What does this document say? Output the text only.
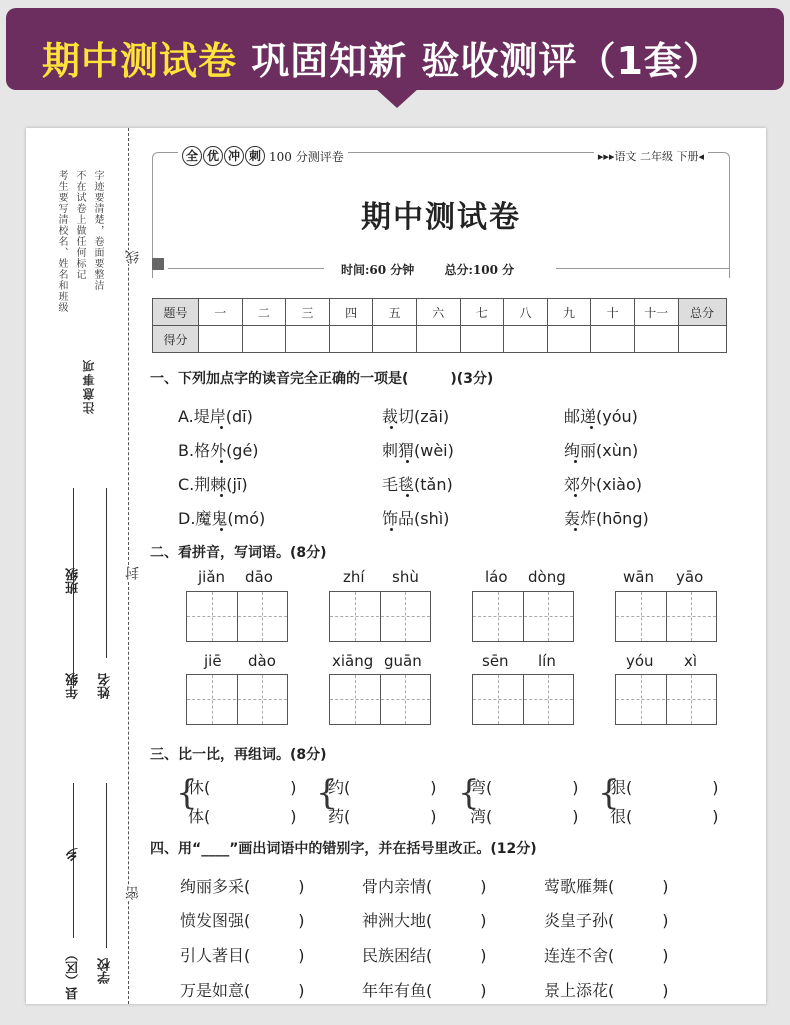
期中测试卷 巩固知新 验收测评（1套）
考生要写清校名、姓名和班级 不在试卷上做任何标记 字迹要清楚，卷面要整洁
注意事项
线
封
密
县（区）
乡
年级
班级
学校
姓名
全 优 冲 刺 100 分测评卷	▸▸▸语文 二年级 下册◂
期中测试卷
时间:60 分钟	总分:100 分
题号	一	二	三	四	五	六	七	八	九	十	十一	总分
得分												
一、下列加点字的读音完全正确的一项是(　　　)(3分)
A.堤岸(dī)	裁切(zāi)	邮递(yóu)
B.格外(gé)	刺猬(wèi)	绚丽(xùn)
C.荆棘(jī)	毛毯(tǎn)	郊外(xiào)
D.魔鬼(mó)	饰品(shì)	轰炸(hōng)
二、看拼音，写词语。(8分)
jiǎn dāo	zhí shù	láo dòng	wān yāo
jiē dào	xiāng guān	sēn lín	yóu xì
三、比一比，再组词。(8分)
{
休(　　　　　)
体(　　　　　)
{
约(　　　　　)
药(　　　　　)
{
弯(　　　　　)
湾(　　　　　)
{
狠(　　　　　)
很(　　　　　)
四、用“____”画出词语中的错别字，并在括号里改正。(12分)
绚丽多采(　　　)	骨内亲情(　　　)	莺歌雁舞(　　　)
愤发图强(　　　)	神洲大地(　　　)	炎皇子孙(　　　)
引人著目(　　　)	民族困结(　　　)	连连不舍(　　　)
万是如意(　　　)	年年有鱼(　　　)	景上添花(　　　)
